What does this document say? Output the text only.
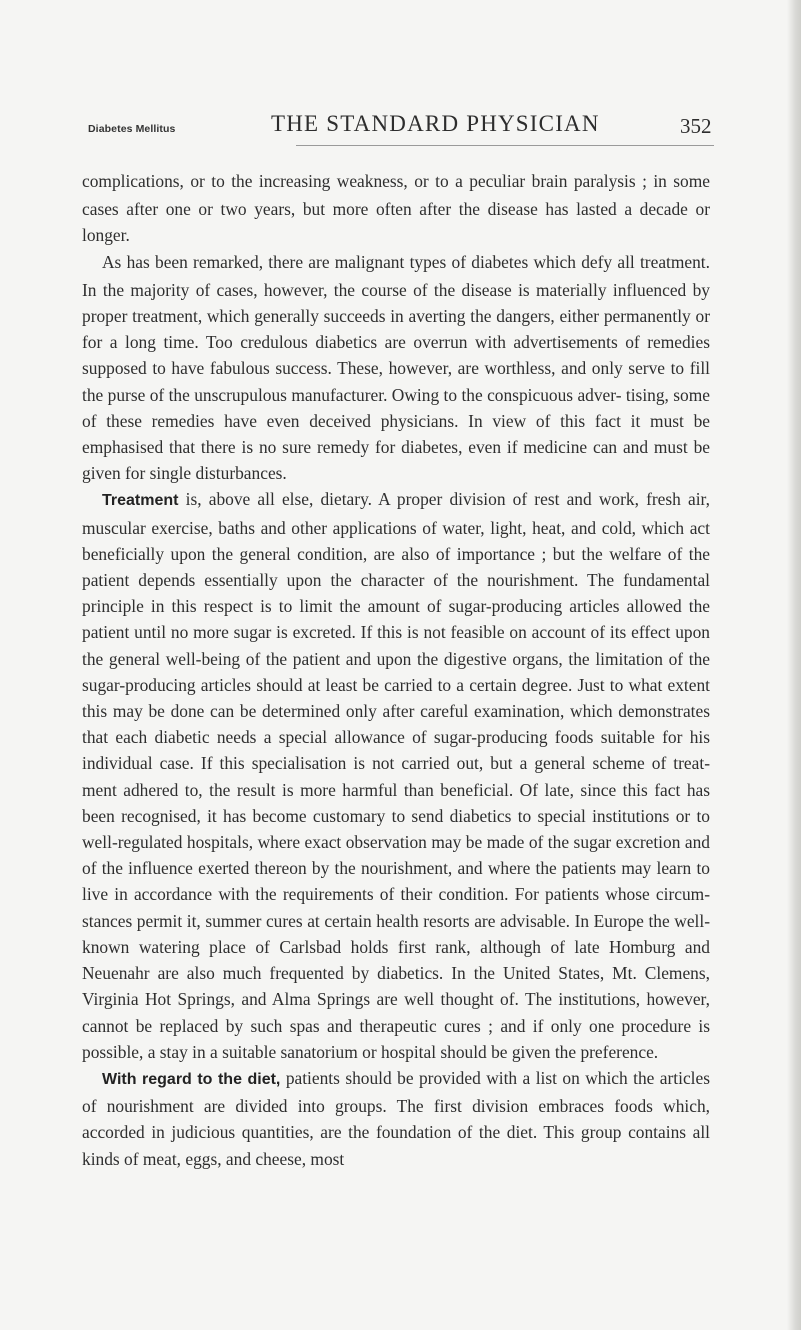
Diabetes Mellitus	THE STANDARD PHYSICIAN	352

complications, or to the increasing weakness, or to a peculiar brain paralysis ; in some cases after one or two years, but more often after the disease has lasted a decade or longer.

As has been remarked, there are malignant types of diabetes which defy all treatment. In the majority of cases, however, the course of the disease is materially influenced by proper treatment, which generally succeeds in averting the dangers, either permanently or for a long time. Too credulous diabetics are overrun with advertisements of remedies supposed to have fabulous success. These, however, are worthless, and only serve to fill the purse of the unscrupulous manufacturer. Owing to the conspicuous adver- tising, some of these remedies have even deceived physicians. In view of this fact it must be emphasised that there is no sure remedy for diabetes, even if medicine can and must be given for single disturbances.

Treatment is, above all else, dietary. A proper division of rest and work, fresh air, muscular exercise, baths and other applications of water, light, heat, and cold, which act beneficially upon the general condition, are also of importance ; but the welfare of the patient depends essentially upon the character of the nourishment. The fundamental principle in this respect is to limit the amount of sugar-producing articles allowed the patient until no more sugar is excreted. If this is not feasible on account of its effect upon the general well-being of the patient and upon the digestive organs, the limitation of the sugar-producing articles should at least be carried to a certain degree. Just to what extent this may be done can be determined only after careful examination, which demonstrates that each diabetic needs a special allowance of sugar-producing foods suitable for his individual case. If this specialisation is not carried out, but a general scheme of treat- ment adhered to, the result is more harmful than beneficial. Of late, since this fact has been recognised, it has become customary to send diabetics to special institutions or to well-regulated hospitals, where exact observation may be made of the sugar excretion and of the influence exerted thereon by the nourishment, and where the patients may learn to live in accordance with the requirements of their condition. For patients whose circum- stances permit it, summer cures at certain health resorts are advisable. In Europe the well-known watering place of Carlsbad holds first rank, although of late Homburg and Neuenahr are also much frequented by diabetics. In the United States, Mt. Clemens, Virginia Hot Springs, and Alma Springs are well thought of. The institutions, however, cannot be replaced by such spas and therapeutic cures ; and if only one procedure is possible, a stay in a suitable sanatorium or hospital should be given the preference.

With regard to the diet, patients should be provided with a list on which the articles of nourishment are divided into groups. The first division embraces foods which, accorded in judicious quantities, are the foundation of the diet. This group contains all kinds of meat, eggs, and cheese, most
